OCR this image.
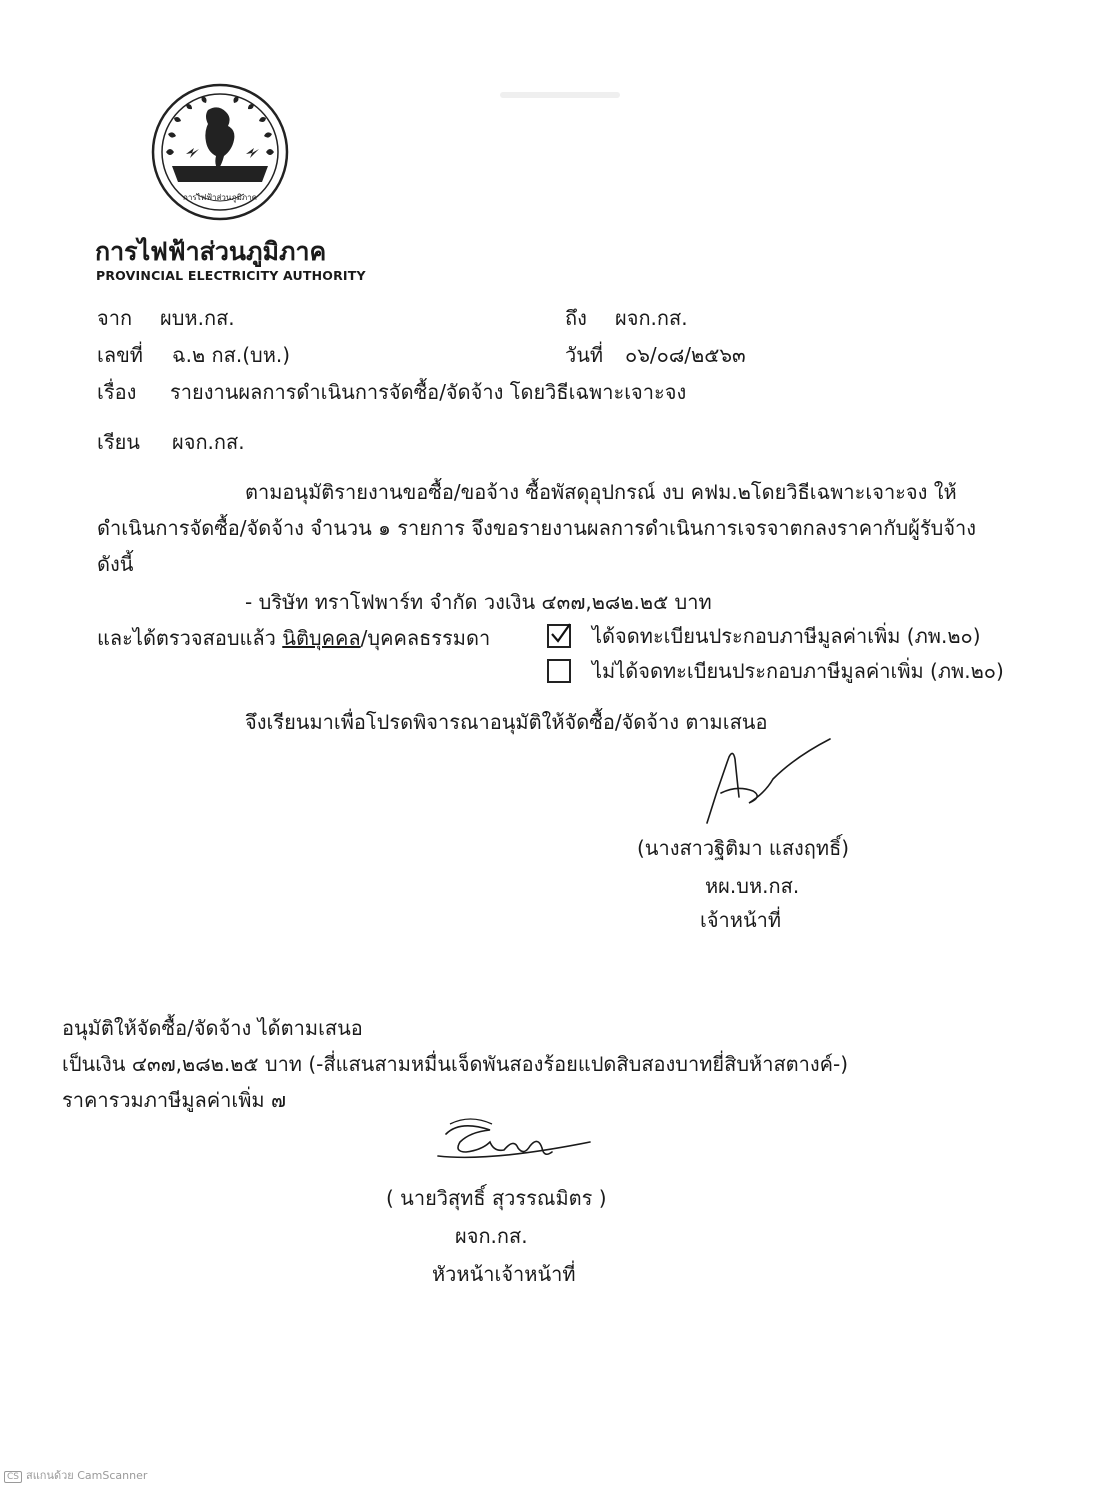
การไฟฟ้าส่วนภูมิภาค
การไฟฟ้าส่วนภูมิภาค
PROVINCIAL ELECTRICITY AUTHORITY
จาก ผบห.กส.	ถึง ผจก.กส.
เลขที่ ฉ.๒ กส.(บห.)	วันที่ ๐๖/๐๘/๒๕๖๓
เรื่อง รายงานผลการดำเนินการจัดซื้อ/จัดจ้าง โดยวิธีเฉพาะเจาะจง
เรียน ผจก.กส.
ตามอนุมัติรายงานขอซื้อ/ขอจ้าง ซื้อพัสดุอุปกรณ์ งบ คฟม.๒โดยวิธีเฉพาะเจาะจง ให้
ดำเนินการจัดซื้อ/จัดจ้าง จำนวน ๑ รายการ จึงขอรายงานผลการดำเนินการเจรจาตกลงราคากับผู้รับจ้าง
ดังนี้
- บริษัท ทราโฟพาร์ท จำกัด วงเงิน ๔๓๗,๒๘๒.๒๕ บาท
และได้ตรวจสอบแล้ว นิติบุคคล/บุคคลธรรมดา	ได้จดทะเบียนประกอบภาษีมูลค่าเพิ่ม (ภพ.๒๐)
ไม่ได้จดทะเบียนประกอบภาษีมูลค่าเพิ่ม (ภพ.๒๐)
จึงเรียนมาเพื่อโปรดพิจารณาอนุมัติให้จัดซื้อ/จัดจ้าง ตามเสนอ
(นางสาวฐิติมา แสงฤทธิ์)
หผ.บห.กส.
เจ้าหน้าที่
อนุมัติให้จัดซื้อ/จัดจ้าง ได้ตามเสนอ
เป็นเงิน ๔๓๗,๒๘๒.๒๕ บาท (-สี่แสนสามหมื่นเจ็ดพันสองร้อยแปดสิบสองบาทยี่สิบห้าสตางค์-)
ราคารวมภาษีมูลค่าเพิ่ม ๗
( นายวิสุทธิ์ สุวรรณมิตร )
ผจก.กส.
หัวหน้าเจ้าหน้าที่
CS สแกนด้วย CamScanner
